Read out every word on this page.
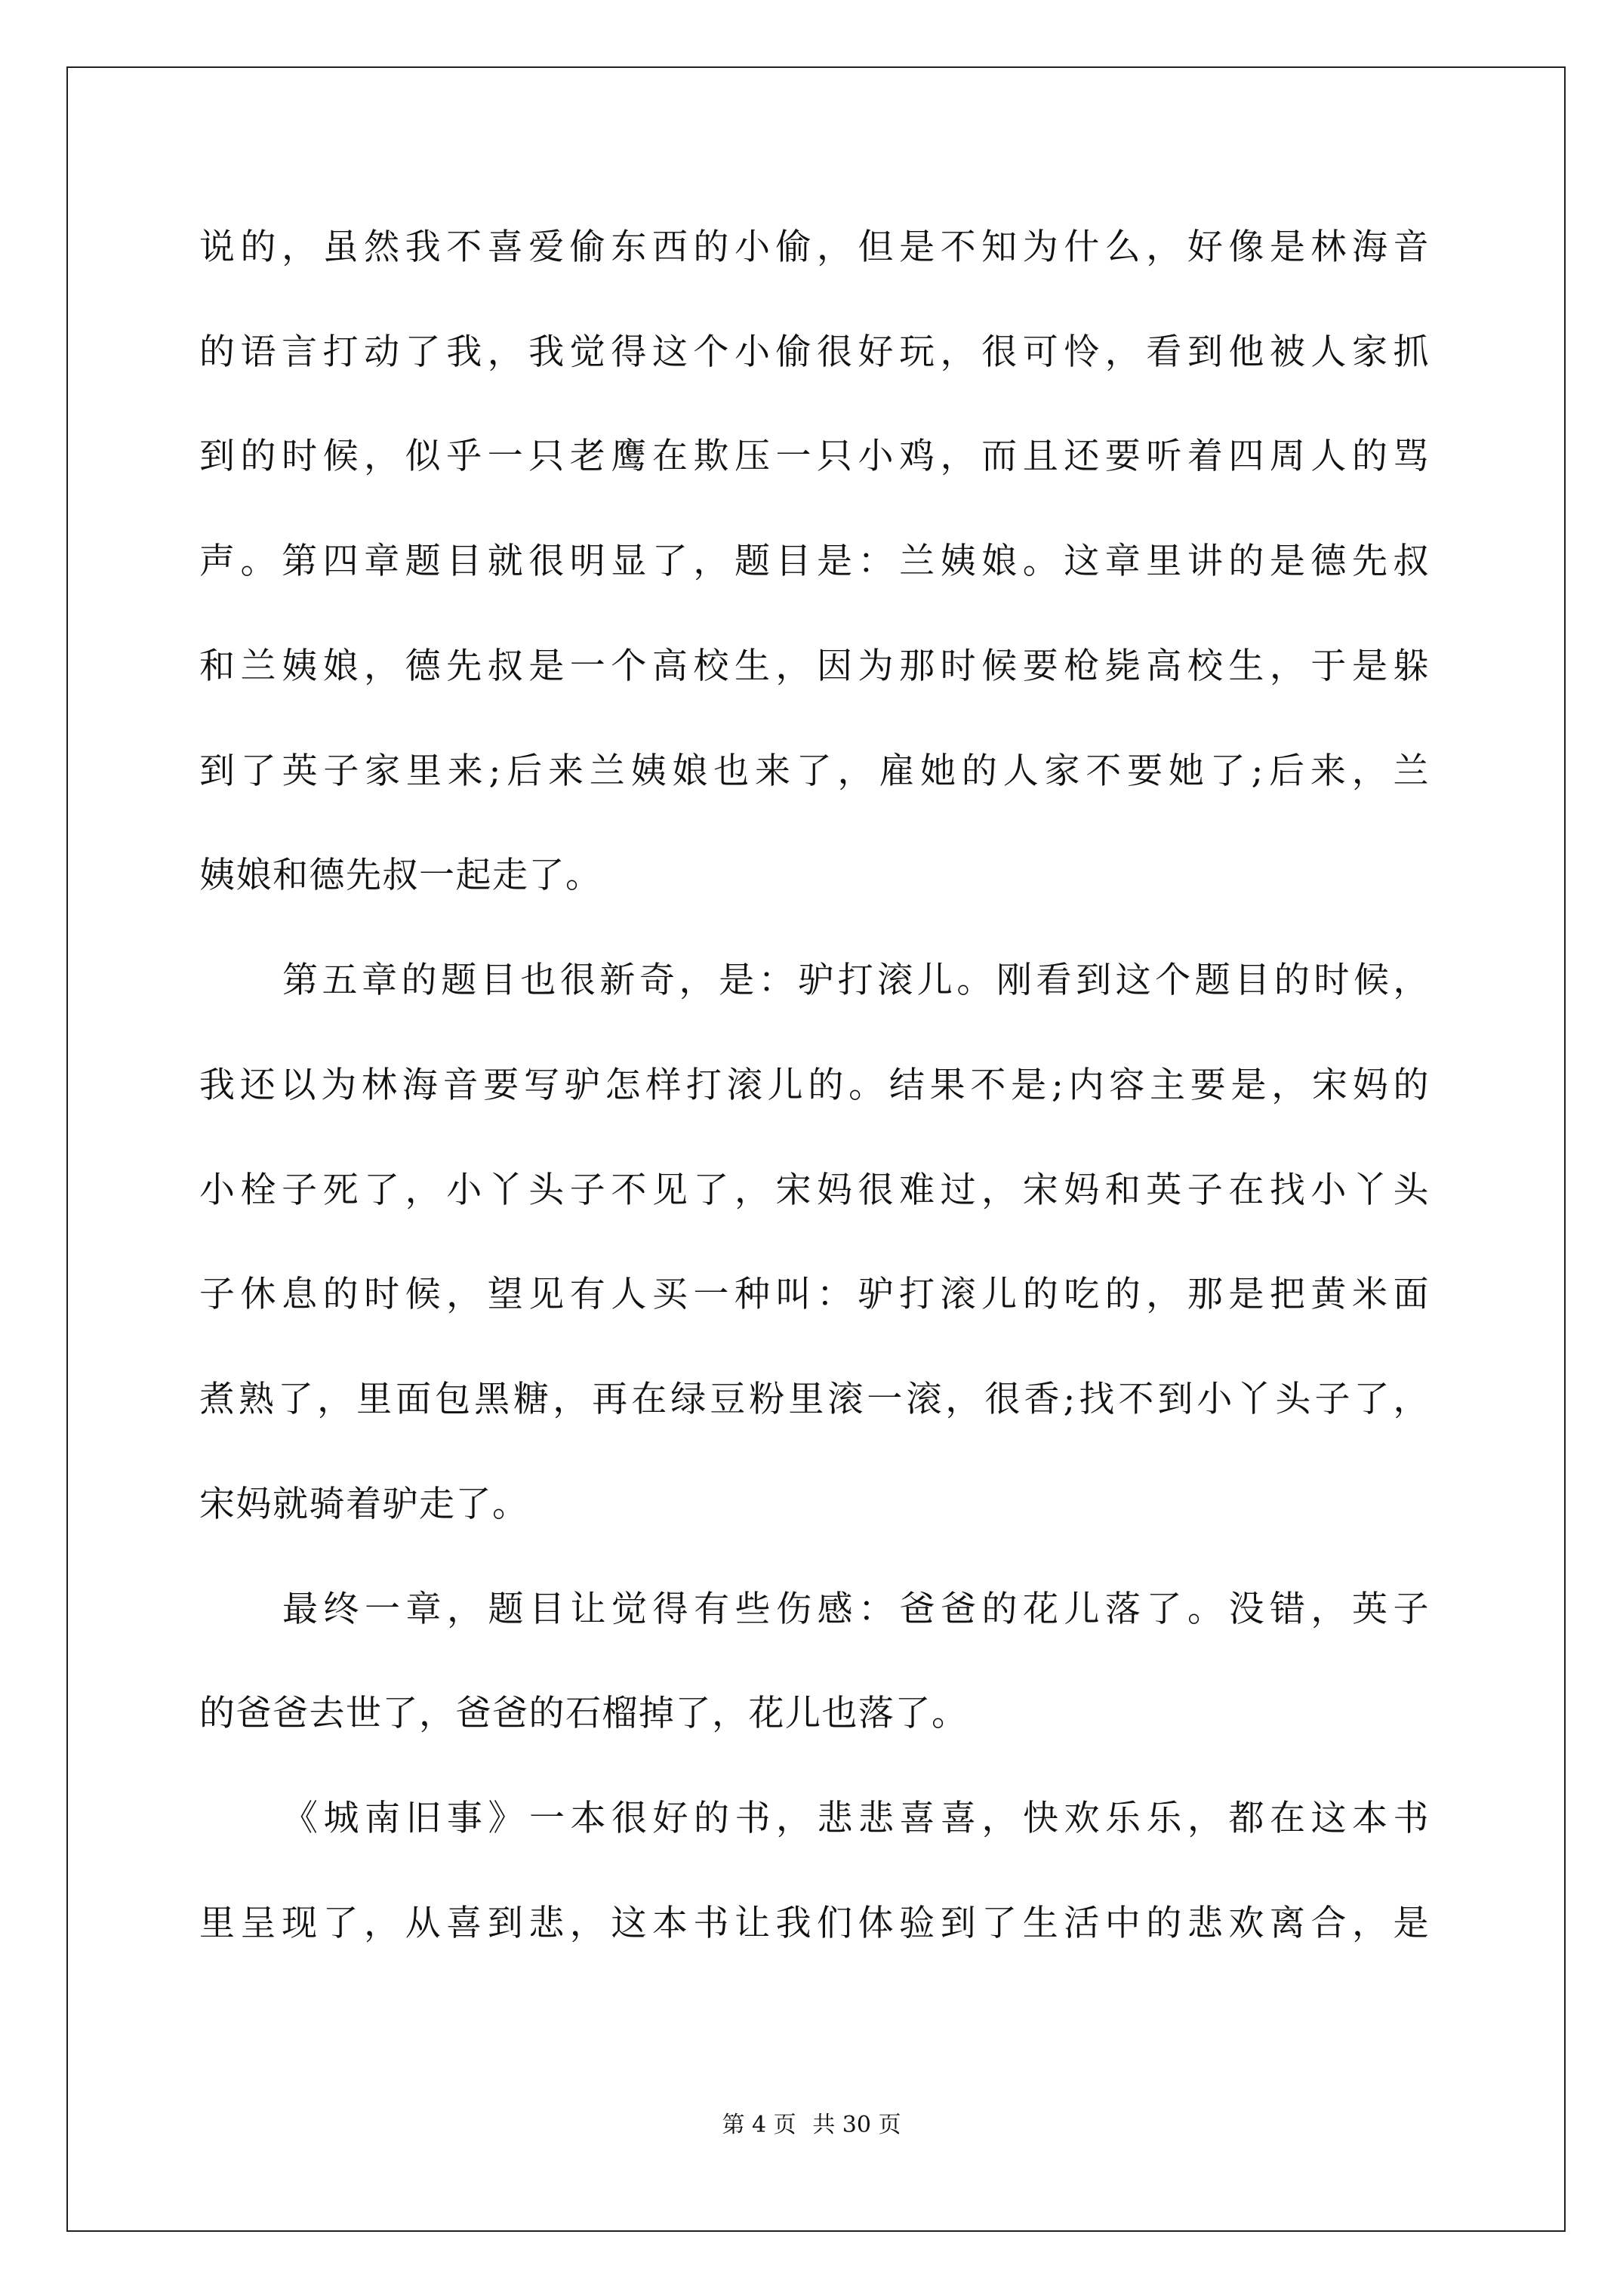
说的，虽然我不喜爱偷东西的小偷，但是不知为什么，好像是林海音
的语言打动了我，我觉得这个小偷很好玩，很可怜，看到他被人家抓
到的时候，似乎一只老鹰在欺压一只小鸡，而且还要听着四周人的骂
声。第四章题目就很明显了，题目是：兰姨娘。这章里讲的是德先叔
和兰姨娘，德先叔是一个高校生，因为那时候要枪毙高校生，于是躲
到了英子家里来;后来兰姨娘也来了，雇她的人家不要她了;后来，兰
姨娘和德先叔一起走了。
第五章的题目也很新奇，是：驴打滚儿。刚看到这个题目的时候，
我还以为林海音要写驴怎样打滚儿的。结果不是;内容主要是，宋妈的
小栓子死了，小丫头子不见了，宋妈很难过，宋妈和英子在找小丫头
子休息的时候，望见有人买一种叫：驴打滚儿的吃的，那是把黄米面
煮熟了，里面包黑糖，再在绿豆粉里滚一滚，很香;找不到小丫头子了，
宋妈就骑着驴走了。
最终一章，题目让觉得有些伤感：爸爸的花儿落了。没错，英子
的爸爸去世了，爸爸的石榴掉了，花儿也落了。
《城南旧事》一本很好的书，悲悲喜喜，快欢乐乐，都在这本书
里呈现了，从喜到悲，这本书让我们体验到了生活中的悲欢离合，是
第 4 页 共 30 页
